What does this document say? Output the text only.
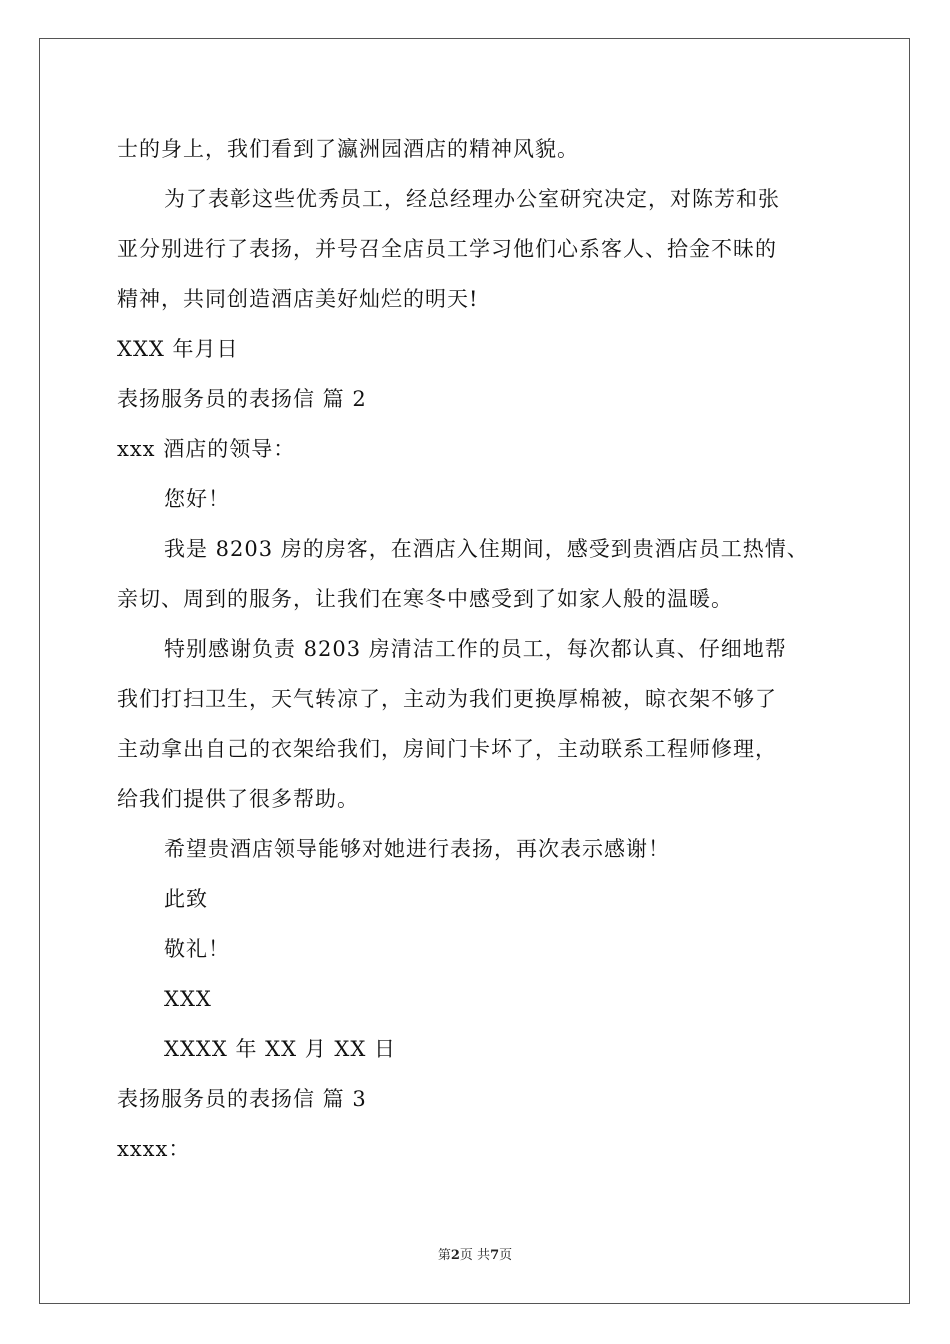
士的身上，我们看到了瀛洲园酒店的精神风貌。
为了表彰这些优秀员工，经总经理办公室研究决定，对陈芳和张
亚分别进行了表扬，并号召全店员工学习他们心系客人、拾金不昧的
精神，共同创造酒店美好灿烂的明天!
XXX 年月日
表扬服务员的表扬信 篇 2
xxx 酒店的领导：
您好！
我是 8203 房的房客，在酒店入住期间，感受到贵酒店员工热情、
亲切、周到的服务，让我们在寒冬中感受到了如家人般的温暖。
特别感谢负责 8203 房清洁工作的员工，每次都认真、仔细地帮
我们打扫卫生，天气转凉了，主动为我们更换厚棉被，晾衣架不够了
主动拿出自己的衣架给我们，房间门卡坏了，主动联系工程师修理，
给我们提供了很多帮助。
希望贵酒店领导能够对她进行表扬，再次表示感谢！
此致
敬礼！
XXX
XXXX 年 XX 月 XX 日
表扬服务员的表扬信 篇 3
xxxx：
第2页 共7页
